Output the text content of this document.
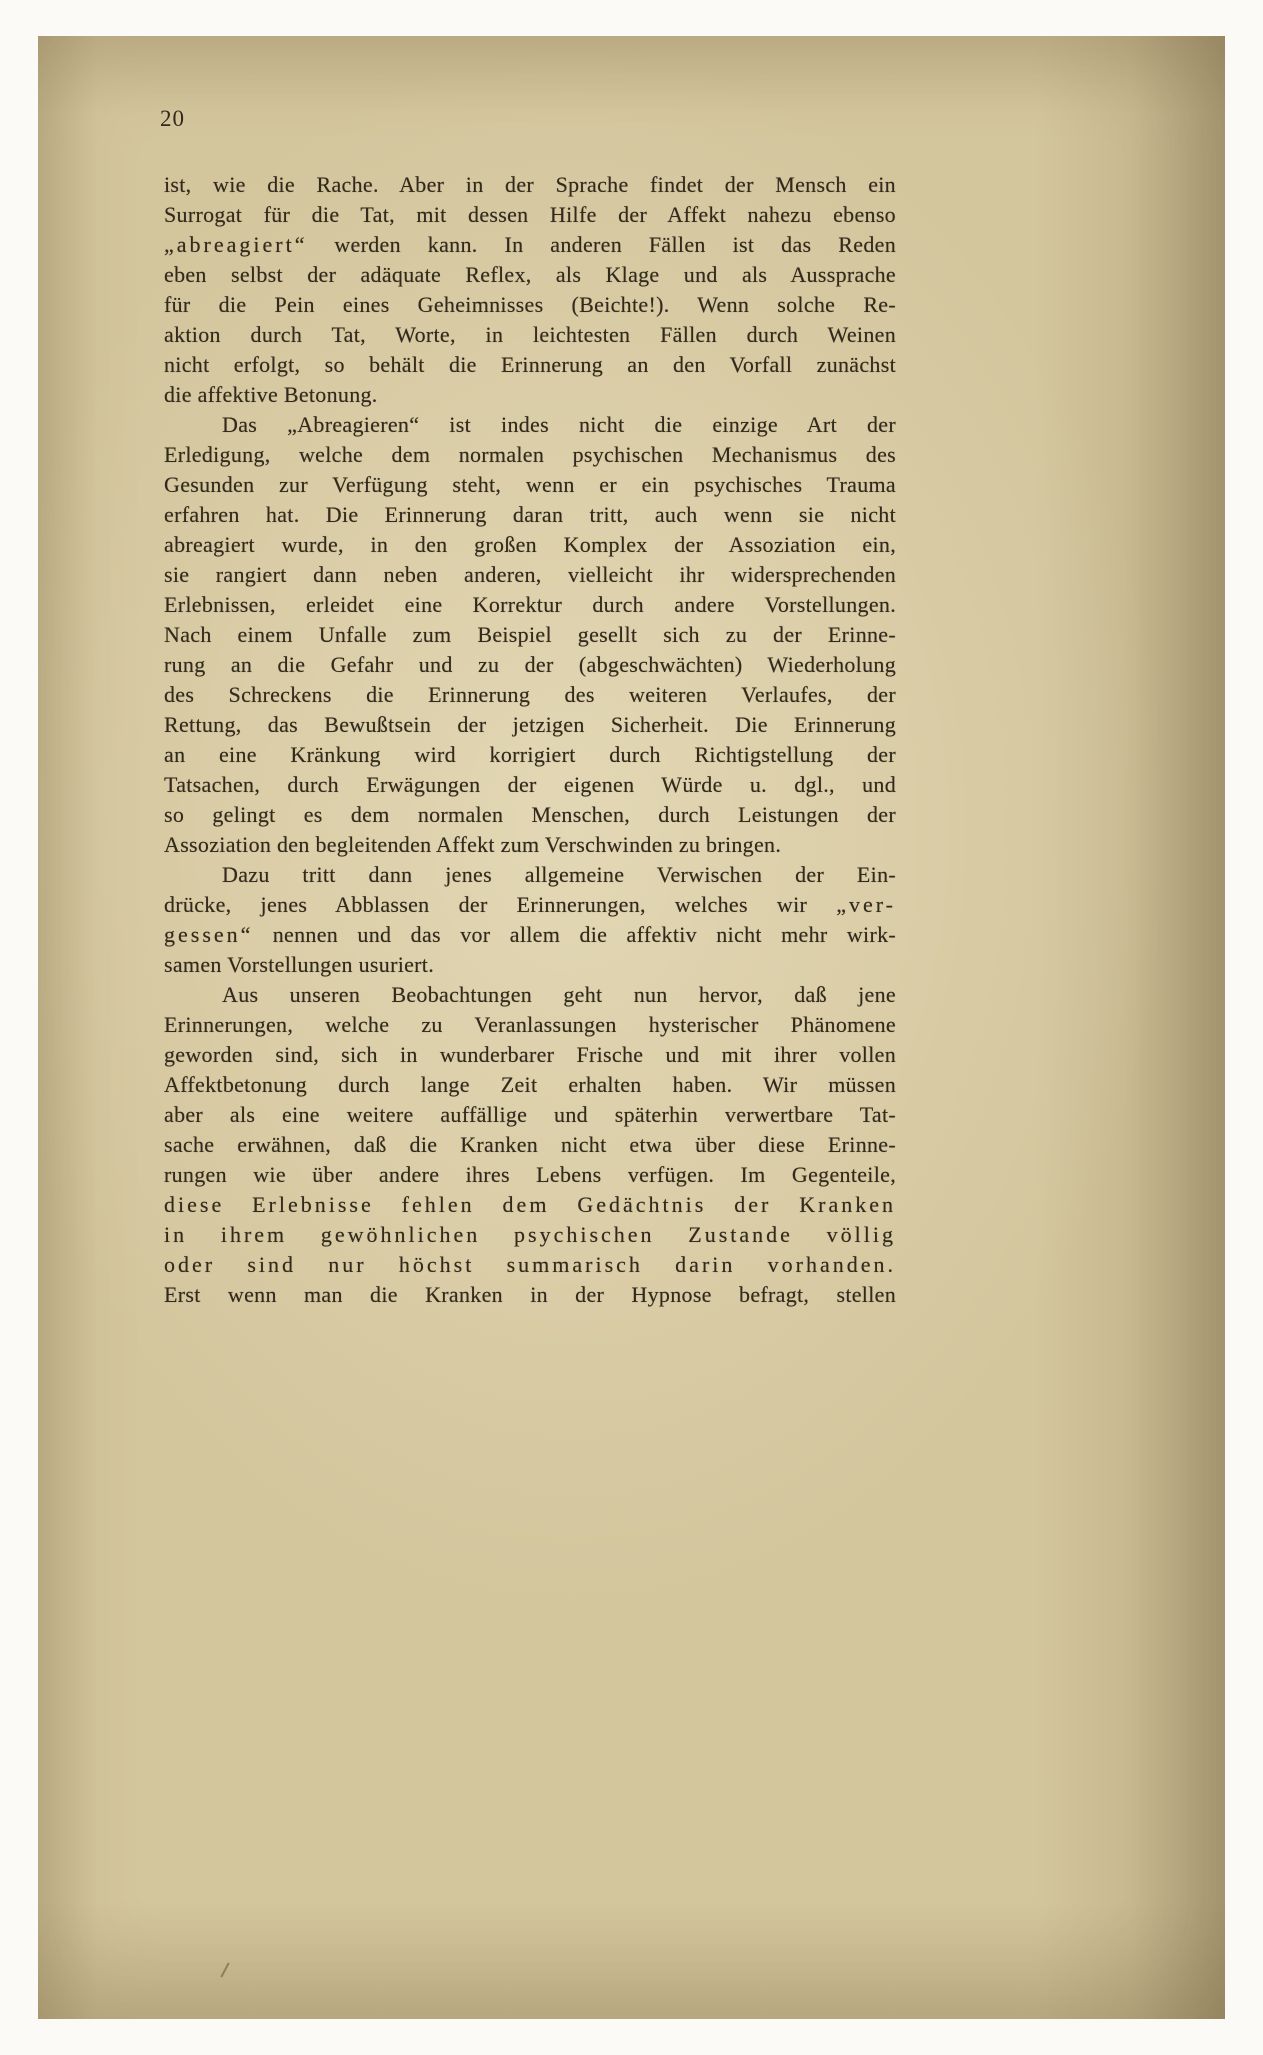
20
ist, wie die Rache. Aber in der Sprache findet der Mensch ein
Surrogat für die Tat, mit dessen Hilfe der Affekt nahezu ebenso
„abreagiert“ werden kann. In anderen Fällen ist das Reden
eben selbst der adäquate Reflex, als Klage und als Aussprache
für die Pein eines Geheimnisses (Beichte!). Wenn solche Re-
aktion durch Tat, Worte, in leichtesten Fällen durch Weinen
nicht erfolgt, so behält die Erinnerung an den Vorfall zunächst
die affektive Betonung.
Das „Abreagieren“ ist indes nicht die einzige Art der
Erledigung, welche dem normalen psychischen Mechanismus des
Gesunden zur Verfügung steht, wenn er ein psychisches Trauma
erfahren hat. Die Erinnerung daran tritt, auch wenn sie nicht
abreagiert wurde, in den großen Komplex der Assoziation ein,
sie rangiert dann neben anderen, vielleicht ihr widersprechenden
Erlebnissen, erleidet eine Korrektur durch andere Vorstellungen.
Nach einem Unfalle zum Beispiel gesellt sich zu der Erinne-
rung an die Gefahr und zu der (abgeschwächten) Wiederholung
des Schreckens die Erinnerung des weiteren Verlaufes, der
Rettung, das Bewußtsein der jetzigen Sicherheit. Die Erinnerung
an eine Kränkung wird korrigiert durch Richtigstellung der
Tatsachen, durch Erwägungen der eigenen Würde u. dgl., und
so gelingt es dem normalen Menschen, durch Leistungen der
Assoziation den begleitenden Affekt zum Verschwinden zu bringen.
Dazu tritt dann jenes allgemeine Verwischen der Ein-
drücke, jenes Abblassen der Erinnerungen, welches wir „ver-
gessen“ nennen und das vor allem die affektiv nicht mehr wirk-
samen Vorstellungen usuriert.
Aus unseren Beobachtungen geht nun hervor, daß jene
Erinnerungen, welche zu Veranlassungen hysterischer Phänomene
geworden sind, sich in wunderbarer Frische und mit ihrer vollen
Affektbetonung durch lange Zeit erhalten haben. Wir müssen
aber als eine weitere auffällige und späterhin verwertbare Tat-
sache erwähnen, daß die Kranken nicht etwa über diese Erinne-
rungen wie über andere ihres Lebens verfügen. Im Gegenteile,
diese Erlebnisse fehlen dem Gedächtnis der Kranken
in ihrem gewöhnlichen psychischen Zustande völlig
oder sind nur höchst summarisch darin vorhanden.
Erst wenn man die Kranken in der Hypnose befragt, stellen
